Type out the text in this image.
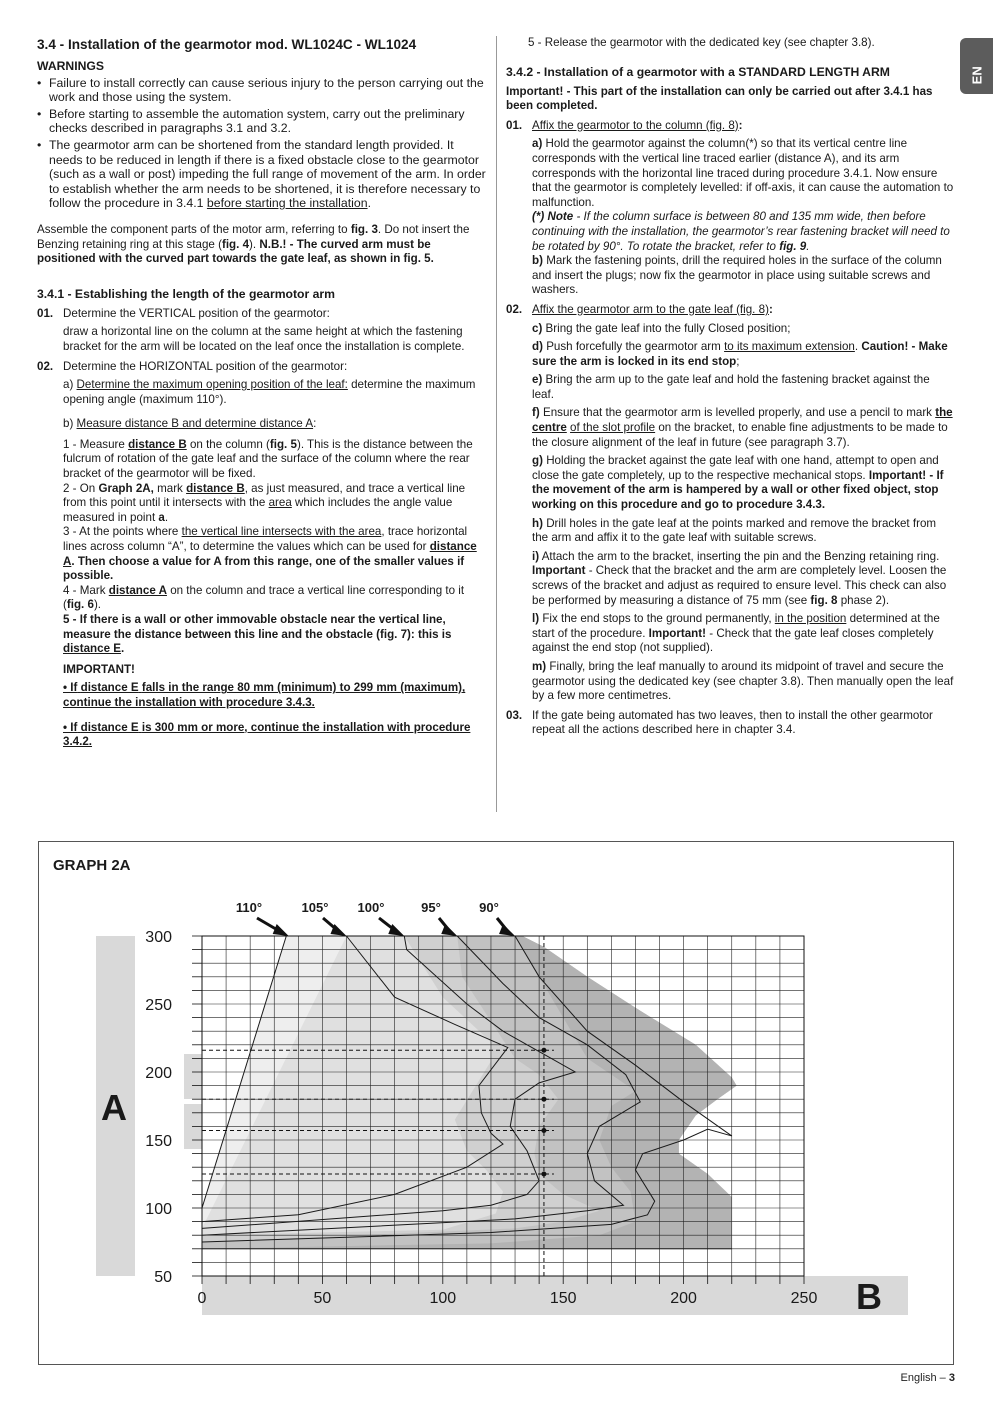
EN
3.4 - Installation of the gearmotor mod. WL1024C - WL1024
WARNINGS
• Failure to install correctly can cause serious injury to the person carrying out the work and those using the system.
• Before starting to assemble the automation system, carry out the preliminary checks described in paragraphs 3.1 and 3.2.
• The gearmotor arm can be shortened from the standard length provided. It needs to be reduced in length if there is a fixed obstacle close to the gearmotor (such as a wall or post) impeding the full range of movement of the arm. In order to establish whether the arm needs to be shortened, it is therefore necessary to follow the procedure in 3.4.1 before starting the installation.

Assemble the component parts of the motor arm, referring to fig. 3. Do not insert the Benzing retaining ring at this stage (fig. 4). N.B.! - The curved arm must be positioned with the curved part towards the gate leaf, as shown in fig. 5.

3.4.1 - Establishing the length of the gearmotor arm
01. Determine the VERTICAL position of the gearmotor:

draw a horizontal line on the column at the same height at which the fastening bracket for the arm will be located on the leaf once the installation is complete.

02. Determine the HORIZONTAL position of the gearmotor:

a) Determine the maximum opening position of the leaf: determine the maximum opening angle (maximum 110°).

b) Measure distance B and determine distance A:

1 - Measure distance B on the column (fig. 5). This is the distance between the fulcrum of rotation of the gate leaf and the surface of the column where the rear bracket of the gearmotor will be fixed.

2 - On Graph 2A, mark distance B, as just measured, and trace a vertical line from this point until it intersects with the area which includes the angle value measured in point a.

3 - At the points where the vertical line intersects with the area, trace horizontal lines across column “A”, to determine the values which can be used for distance A. Then choose a value for A from this range, one of the smaller values if possible.

4 - Mark distance A on the column and trace a vertical line corresponding to it (fig. 6).

5 - If there is a wall or other immovable obstacle near the vertical line, measure the distance between this line and the obstacle (fig. 7): this is distance E.

IMPORTANT!

• If distance E falls in the range 80 mm (minimum) to 299 mm (maximum), continue the installation with procedure 3.4.3.

• If distance E is 300 mm or more, continue the installation with procedure 3.4.2.

5 - Release the gearmotor with the dedicated key (see chapter 3.8).

3.4.2 - Installation of a gearmotor with a STANDARD LENGTH ARM

Important! - This part of the installation can only be carried out after 3.4.1 has been completed.

01. Affix the gearmotor to the column (fig. 8):

a) Hold the gearmotor against the column(*) so that its vertical centre line corresponds with the vertical line traced earlier (distance A), and its arm corresponds with the horizontal line traced during procedure 3.4.1. Now ensure that the gearmotor is completely levelled: if off-axis, it can cause the automation to malfunction.

(*) Note - If the column surface is between 80 and 135 mm wide, then before continuing with the installation, the gearmotor’s rear fastening bracket will need to be rotated by 90°. To rotate the bracket, refer to fig. 9.

b) Mark the fastening points, drill the required holes in the surface of the column and insert the plugs; now fix the gearmotor in place using suitable screws and washers.

02. Affix the gearmotor arm to the gate leaf (fig. 8):

c) Bring the gate leaf into the fully Closed position;

d) Push forcefully the gearmotor arm to its maximum extension. Caution! - Make sure the arm is locked in its end stop;

e) Bring the arm up to the gate leaf and hold the fastening bracket against the leaf.

f) Ensure that the gearmotor arm is levelled properly, and use a pencil to mark the centre of the slot profile on the bracket, to enable fine adjustments to be made to the closure alignment of the leaf in future (see paragraph 3.7).

g) Holding the bracket against the gate leaf with one hand, attempt to open and close the gate completely, up to the respective mechanical stops. Important! - If the movement of the arm is hampered by a wall or other fixed object, stop working on this procedure and go to procedure 3.4.3.

h) Drill holes in the gate leaf at the points marked and remove the bracket from the arm and affix it to the gate leaf with suitable screws.

i) Attach the arm to the bracket, inserting the pin and the Benzing retaining ring. Important - Check that the bracket and the arm are completely level. Loosen the screws of the bracket and adjust as required to ensure level. This check can also be performed by measuring a distance of 75 mm (see fig. 8 phase 2).

l) Fix the end stops to the ground permanently, in the position determined at the start of the procedure. Important! - Check that the gate leaf closes completely against the end stop (not supplied).

m) Finally, bring the leaf manually to around its midpoint of travel and secure the gearmotor using the dedicated key (see chapter 3.8). Then manually open the leaf by a few more centimetres.

03. If the gate being automated has two leaves, then to install the other gearmotor repeat all the actions described here in chapter 3.4.
GRAPH 2A
A
B
300
250
200
150
100
50
0	50	100	150	200	250
110°	105° 100°	95°	90°
English – 3
